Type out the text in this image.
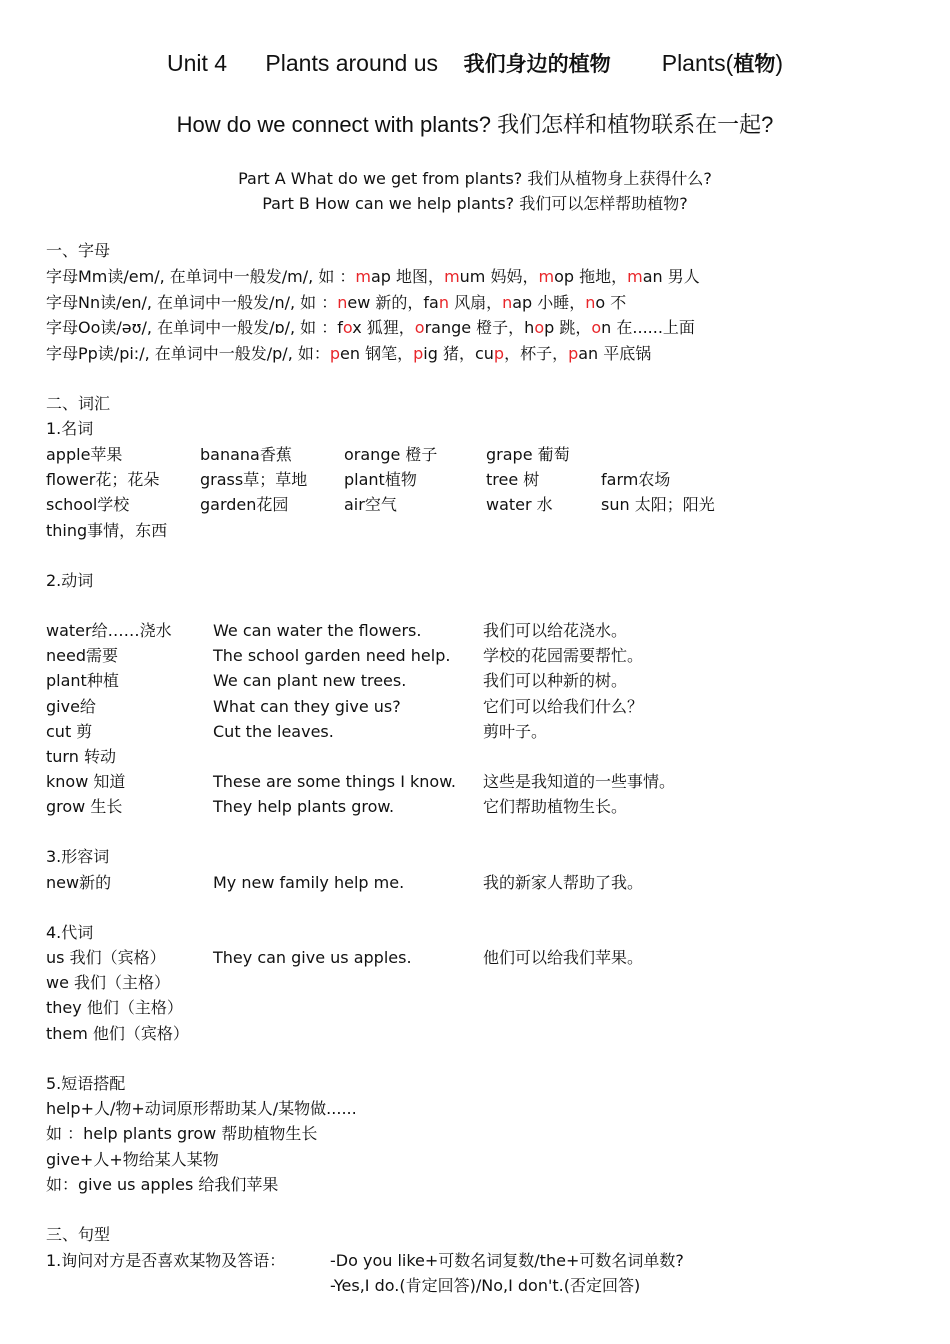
Unit 4 Plants around us 我们身边的植物 Plants(植物)
How do we connect with plants? 我们怎样和植物联系在一起?
Part A What do we get from plants? 我们从植物身上获得什么?
Part B How can we help plants? 我们可以怎样帮助植物?
一、字母
字母Mm读/em/, 在单词中一般发/m/, 如 ：map 地图，mum 妈妈，mop 拖地，man 男人
字母Nn读/en/, 在单词中一般发/n/, 如 ：new 新的，fan 风扇，nap 小睡，no 不
字母Oo读/əʊ/, 在单词中一般发/ɒ/, 如 ：fox 狐狸，orange 橙子，hop 跳，on 在......上面
字母Pp读/pi:/, 在单词中一般发/p/, 如：pen 钢笔，pig 猪，cup，杯子，pan 平底锅
二、词汇
1.名词
apple苹果	banana香蕉	orange 橙子	grape 葡萄
flower花；花朵	grass草；草地 plant植物	tree 树	farm农场
school学校	garden花园	air空气	water 水	sun 太阳；阳光
thing事情，东西
2.动词
water给……浇水	We can water the flowers.	我们可以给花浇水。
need需要	The school garden need help. 学校的花园需要帮忙。
plant种植	We can plant new trees.	我们可以种新的树。
give给	What can they give us?	它们可以给我们什么？
cut 剪	Cut the leaves.	剪叶子。
turn 转动
know 知道	These are some things I know. 这些是我知道的一些事情。
grow 生长	They help plants grow.	它们帮助植物生长。
3.形容词
new新的	My new family help me.	我的新家人帮助了我。
4.代词
us 我们（宾格）	They can give us apples.	他们可以给我们苹果。
we 我们（主格）
they 他们（主格）
them 他们（宾格）
5.短语搭配
help+人/物+动词原形帮助某人/某物做......
如 ：help plants grow 帮助植物生长
give+人+物给某人某物
如：give us apples 给我们苹果
三、句型
1.询问对方是否喜欢某物及答语：	-Do you like+可数名词复数/the+可数名词单数?
-Yes,I do.(肯定回答)/No,I don't.(否定回答)
